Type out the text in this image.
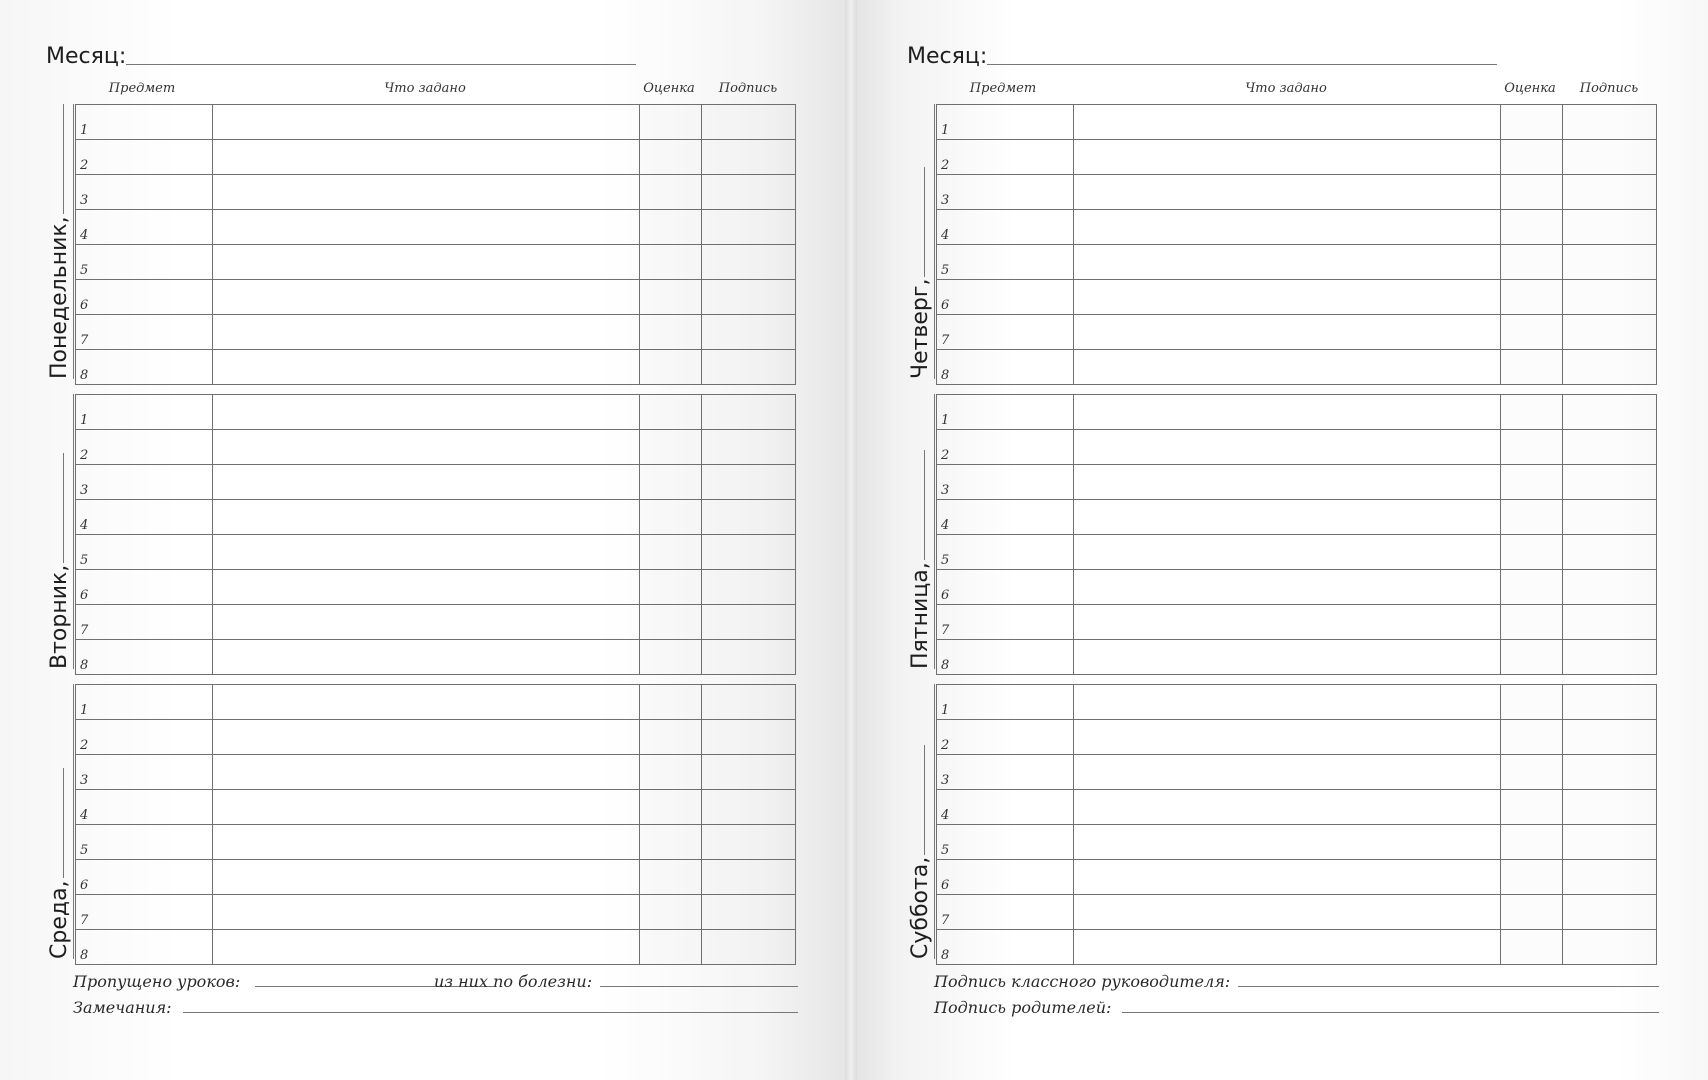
Месяц:
Предмет	Что задано	Оценка Подпись
Понедельник,
1			
2			
3			
4			
5			
6			
7			
8			
Вторник,
1			
2			
3			
4			
5			
6			
7			
8			
Среда,
1			
2			
3			
4			
5			
6			
7			
8			
Пропущено уроков:	из них по болезни:
Замечания:
Месяц:
Предмет	Что задано	Оценка Подпись
Четверг,
1			
2			
3			
4			
5			
6			
7			
8			
Пятница,
1			
2			
3			
4			
5			
6			
7			
8			
Суббота,
1			
2			
3			
4			
5			
6			
7			
8			
Подпись классного руководителя:
Подпись родителей:
